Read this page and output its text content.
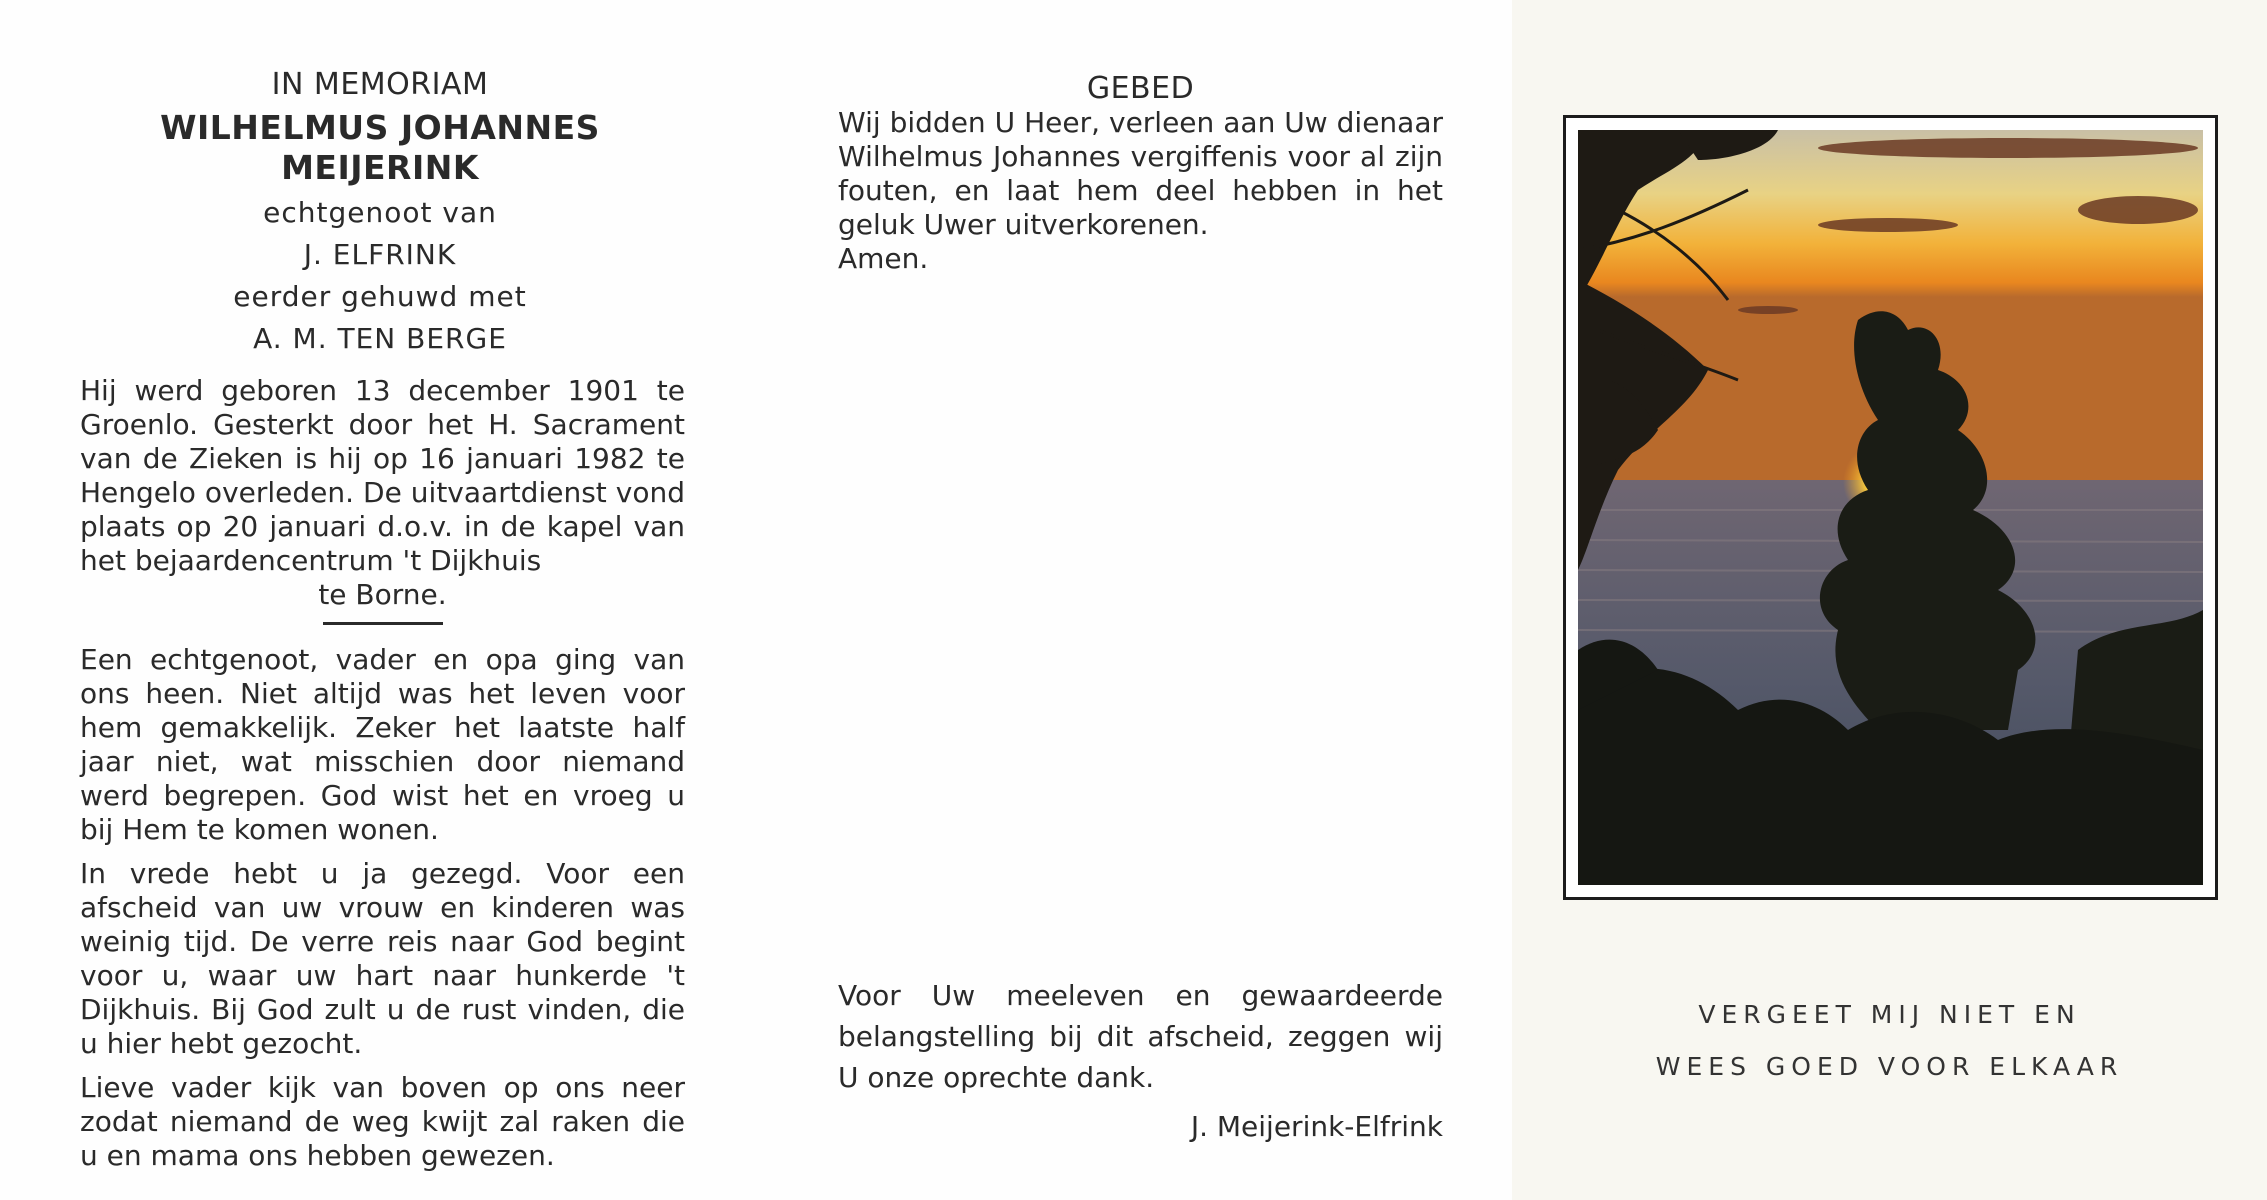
IN MEMORIAM
WILHELMUS JOHANNES
MEIJERINK
echtgenoot van
J. ELFRINK
eerder gehuwd met
A. M. TEN BERGE

Hij werd geboren 13 december 1901 te Groenlo. Gesterkt door het H. Sacrament van de Zieken is hij op 16 januari 1982 te Hengelo overleden. De uitvaartdienst vond plaats op 20 januari d.o.v. in de kapel van het bejaardencentrum 't Dijkhuis

te Borne.

Een echtgenoot, vader en opa ging van ons heen. Niet altijd was het leven voor hem gemakkelijk. Zeker het laatste half jaar niet, wat misschien door niemand werd begrepen. God wist het en vroeg u bij Hem te komen wonen.

In vrede hebt u ja gezegd. Voor een afscheid van uw vrouw en kinderen was weinig tijd. De verre reis naar God begint voor u, waar uw hart naar hunkerde 't Dijkhuis. Bij God zult u de rust vinden, die u hier hebt gezocht.

Lieve vader kijk van boven op ons neer zodat niemand de weg kwijt zal raken die u en mama ons hebben gewezen.

GEBED

Wij bidden U Heer, verleen aan Uw dienaar Wilhelmus Johannes vergiffenis voor al zijn fouten, en laat hem deel hebben in het geluk Uwer uitverkorenen.

Amen.

Voor Uw meeleven en gewaardeerde belangstelling bij dit afscheid, zeggen wij U onze oprechte dank.

J. Meijerink-Elfrink

VERGEET MIJ NIET EN
WEES GOED VOOR ELKAAR
